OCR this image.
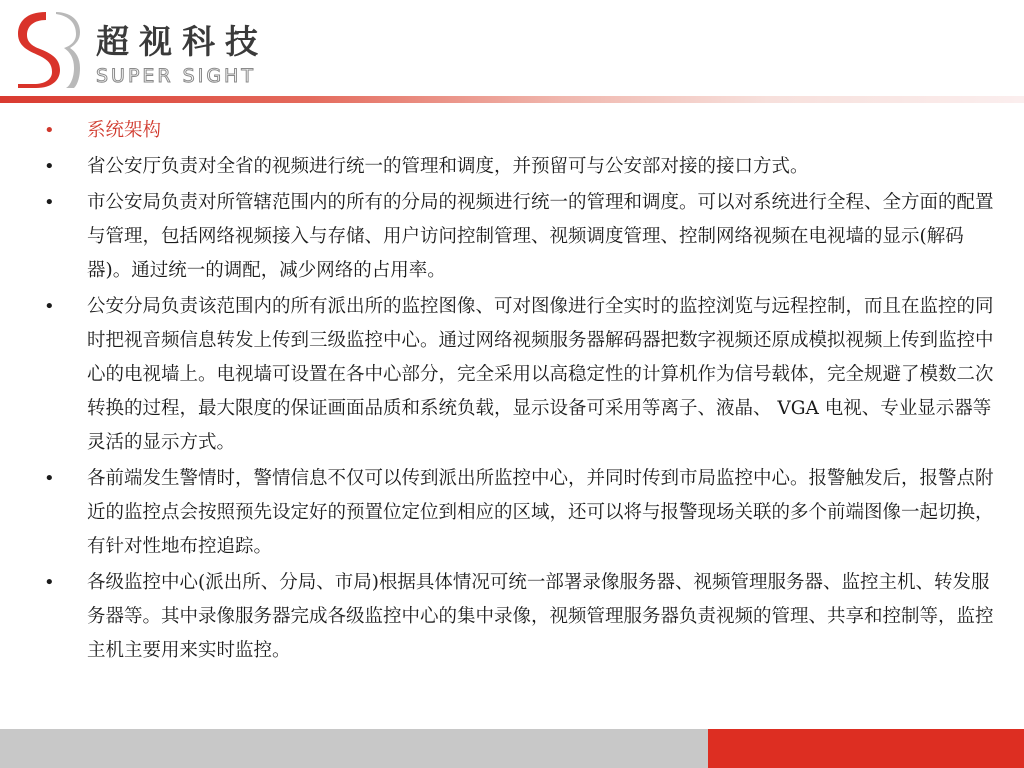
超视科技
SUPER SIGHT
• 系统架构
• 省公安厅负责对全省的视频进行统一的管理和调度，并预留可与公安部对接的接口方式。
• 市公安局负责对所管辖范围内的所有的分局的视频进行统一的管理和调度。可以对系统进行全程、全方面的配置与管理，包括网络视频接入与存储、用户访问控制管理、视频调度管理、控制网络视频在电视墙的显示(解码器)。通过统一的调配，减少网络的占用率。
• 公安分局负责该范围内的所有派出所的监控图像、可对图像进行全实时的监控浏览与远程控制，而且在监控的同时把视音频信息转发上传到三级监控中心。通过网络视频服务器解码器把数字视频还原成模拟视频上传到监控中心的电视墙上。电视墙可设置在各中心部分，完全采用以高稳定性的计算机作为信号载体，完全规避了模数二次转换的过程，最大限度的保证画面品质和系统负载，显示设备可采用等离子、液晶、 VGA 电视、专业显示器等灵活的显示方式。
• 各前端发生警情时，警情信息不仅可以传到派出所监控中心，并同时传到市局监控中心。报警触发后，报警点附近的监控点会按照预先设定好的预置位定位到相应的区域，还可以将与报警现场关联的多个前端图像一起切换，有针对性地布控追踪。
• 各级监控中心(派出所、分局、市局)根据具体情况可统一部署录像服务器、视频管理服务器、监控主机、转发服务器等。其中录像服务器完成各级监控中心的集中录像，视频管理服务器负责视频的管理、共享和控制等，监控主机主要用来实时监控。
